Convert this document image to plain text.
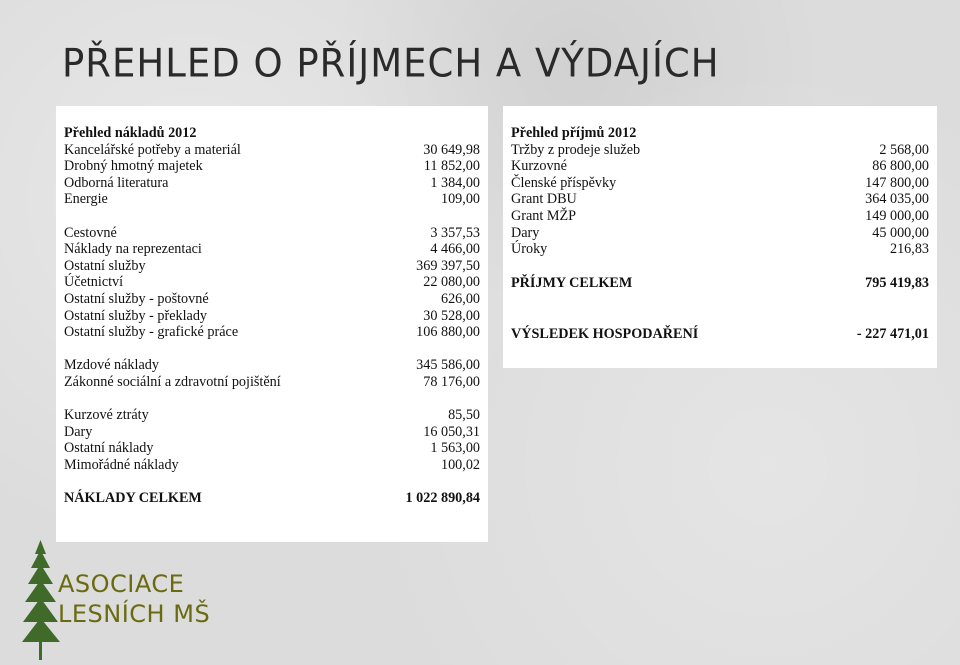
PŘEHLED O PŘÍJMECH A VÝDAJÍCH
Přehled nákladů 2012
Kancelářské potřeby a materiál	30 649,98
Drobný hmotný majetek	11 852,00
Odborná literatura	1 384,00
Energie	109,00
Cestovné	3 357,53
Náklady na reprezentaci	4 466,00
Ostatní služby	369 397,50
Účetnictví	22 080,00
Ostatní služby - poštovné	626,00
Ostatní služby - překlady	30 528,00
Ostatní služby - grafické práce	106 880,00
Mzdové náklady	345 586,00
Zákonné sociální a zdravotní pojištění	78 176,00
Kurzové ztráty	85,50
Dary	16 050,31
Ostatní náklady	1 563,00
Mimořádné náklady	100,02
NÁKLADY CELKEM	1 022 890,84
Přehled příjmů 2012
Tržby z prodeje služeb	2 568,00
Kurzovné	86 800,00
Členské příspěvky	147 800,00
Grant DBU	364 035,00
Grant MŽP	149 000,00
Dary	45 000,00
Úroky	216,83
PŘÍJMY CELKEM	795 419,83
VÝSLEDEK HOSPODAŘENÍ	- 227 471,01
ASOCIACE
LESNÍCH MŠ
